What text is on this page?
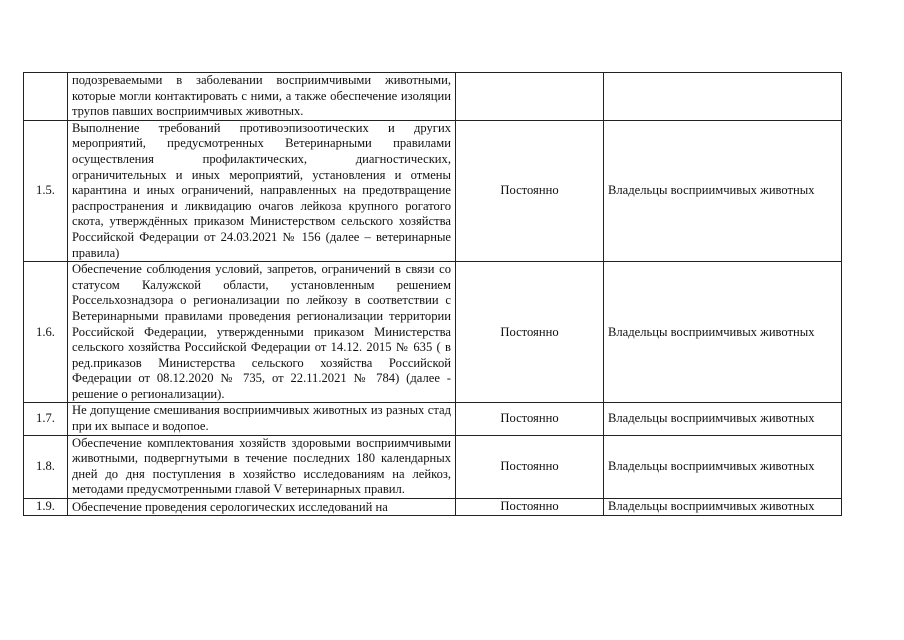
	подозреваемыми в заболевании восприимчивыми животными, которые могли контактировать с ними, а также обеспечение изоляции трупов павших восприимчивых животных.		
1.5.	Выполнение требований противоэпизоотических и других мероприятий, предусмотренных Ветеринарными правилами осуществления профилактических, диагностических, ограничительных и иных мероприятий, установления и отмены карантина и иных ограничений, направленных на предотвращение распространения и ликвидацию очагов лейкоза крупного рогатого скота, утверждённых приказом Министерством сельского хозяйства Российской Федерации от 24.03.2021 № 156 (далее – ветеринарные правила)	Постоянно	Владельцы восприимчивых животных
1.6.	Обеспечение соблюдения условий, запретов, ограничений в связи со статусом Калужской области, установленным решением Россельхознадзора о регионализации по лейкозу в соответствии с Ветеринарными правилами проведения регионализации территории Российской Федерации, утвержденными приказом Министерства сельского хозяйства Российской Федерации от 14.12. 2015 № 635 ( в ред.приказов Министерства сельского хозяйства Российской Федерации от 08.12.2020 № 735, от 22.11.2021 № 784) (далее - решение о регионализации).	Постоянно	Владельцы восприимчивых животных
1.7.	Не допущение смешивания восприимчивых животных из разных стад при их выпасе и водопое.	Постоянно	Владельцы восприимчивых животных
1.8.	Обеспечение комплектования хозяйств здоровыми восприимчивыми животными, подвергнутыми в течение последних 180 календарных дней до дня поступления в хозяйство исследованиям на лейкоз, методами предусмотренными главой V ветеринарных правил.	Постоянно	Владельцы восприимчивых животных
1.9.	Обеспечение проведения серологических исследований на	Постоянно	Владельцы восприимчивых животных
